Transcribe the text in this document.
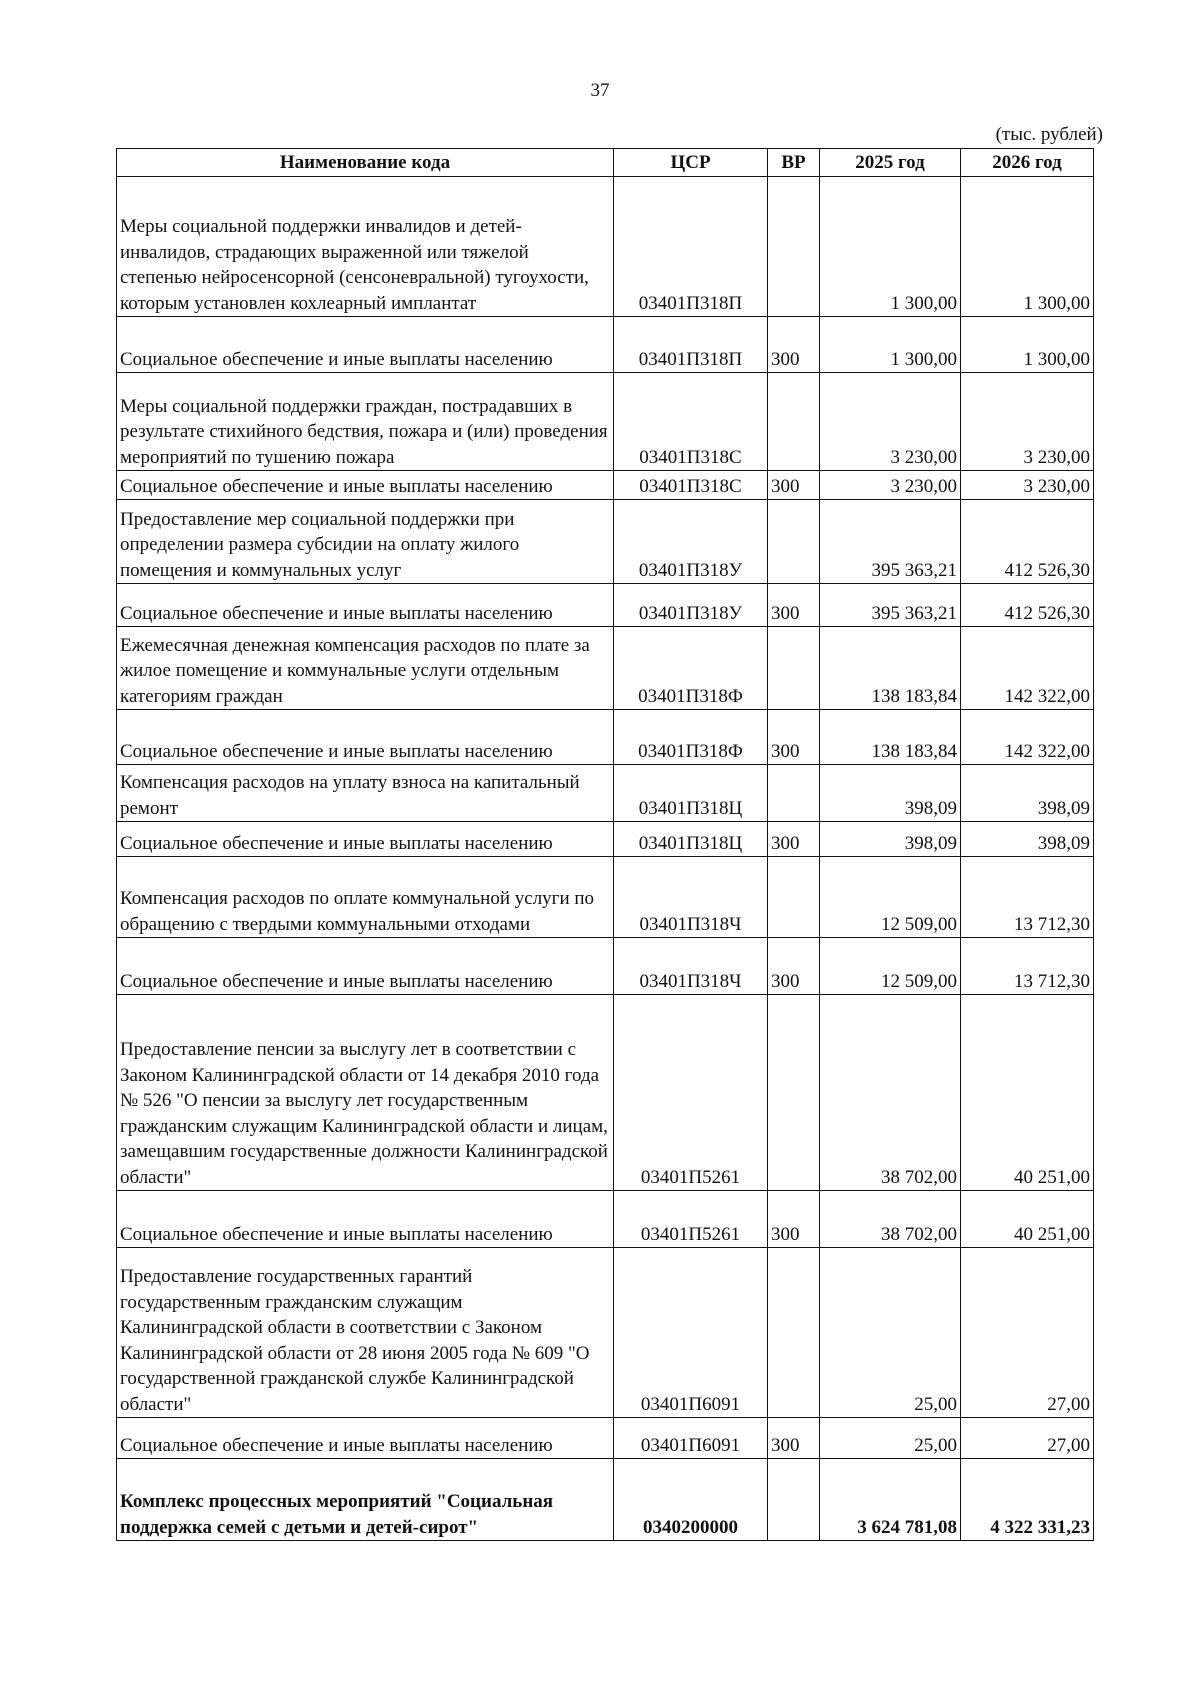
37
(тыс. рублей)
Наименование кода	ЦСР	ВР	2025 год	2026 год
Меры социальной поддержки инвалидов и детей-инвалидов, страдающих выраженной или тяжелой степенью нейросенсорной (сенсоневральной) тугоухости, которым установлен кохлеарный имплантат	03401П318П		1 300,00	1 300,00
Социальное обеспечение и иные выплаты населению	03401П318П	300	1 300,00	1 300,00
Меры социальной поддержки граждан, пострадавших в результате стихийного бедствия, пожара и (или) проведения мероприятий по тушению пожара	03401П318С		3 230,00	3 230,00
Социальное обеспечение и иные выплаты населению	03401П318С	300	3 230,00	3 230,00
Предоставление мер социальной поддержки при определении размера субсидии на оплату жилого помещения и коммунальных услуг	03401П318У		395 363,21	412 526,30
Социальное обеспечение и иные выплаты населению	03401П318У	300	395 363,21	412 526,30
Ежемесячная денежная компенсация расходов по плате за жилое помещение и коммунальные услуги отдельным категориям граждан	03401П318Ф		138 183,84	142 322,00
Социальное обеспечение и иные выплаты населению	03401П318Ф	300	138 183,84	142 322,00
Компенсация расходов на уплату взноса на капитальный ремонт	03401П318Ц		398,09	398,09
Социальное обеспечение и иные выплаты населению	03401П318Ц	300	398,09	398,09
Компенсация расходов по оплате коммунальной услуги по обращению с твердыми коммунальными отходами	03401П318Ч		12 509,00	13 712,30
Социальное обеспечение и иные выплаты населению	03401П318Ч	300	12 509,00	13 712,30
Предоставление пенсии за выслугу лет в соответствии с Законом Калининградской области от 14 декабря 2010 года № 526 "О пенсии за выслугу лет государственным гражданским служащим Калининградской области и лицам, замещавшим государственные должности Калининградской области"	03401П5261		38 702,00	40 251,00
Социальное обеспечение и иные выплаты населению	03401П5261	300	38 702,00	40 251,00
Предоставление государственных гарантий государственным гражданским служащим Калининградской области в соответствии с Законом Калининградской области от 28 июня 2005 года № 609 "О государственной гражданской службе Калининградской области"	03401П6091		25,00	27,00
Социальное обеспечение и иные выплаты населению	03401П6091	300	25,00	27,00
Комплекс процессных мероприятий "Социальная поддержка семей с детьми и детей-сирот"	0340200000		3 624 781,08	4 322 331,23
